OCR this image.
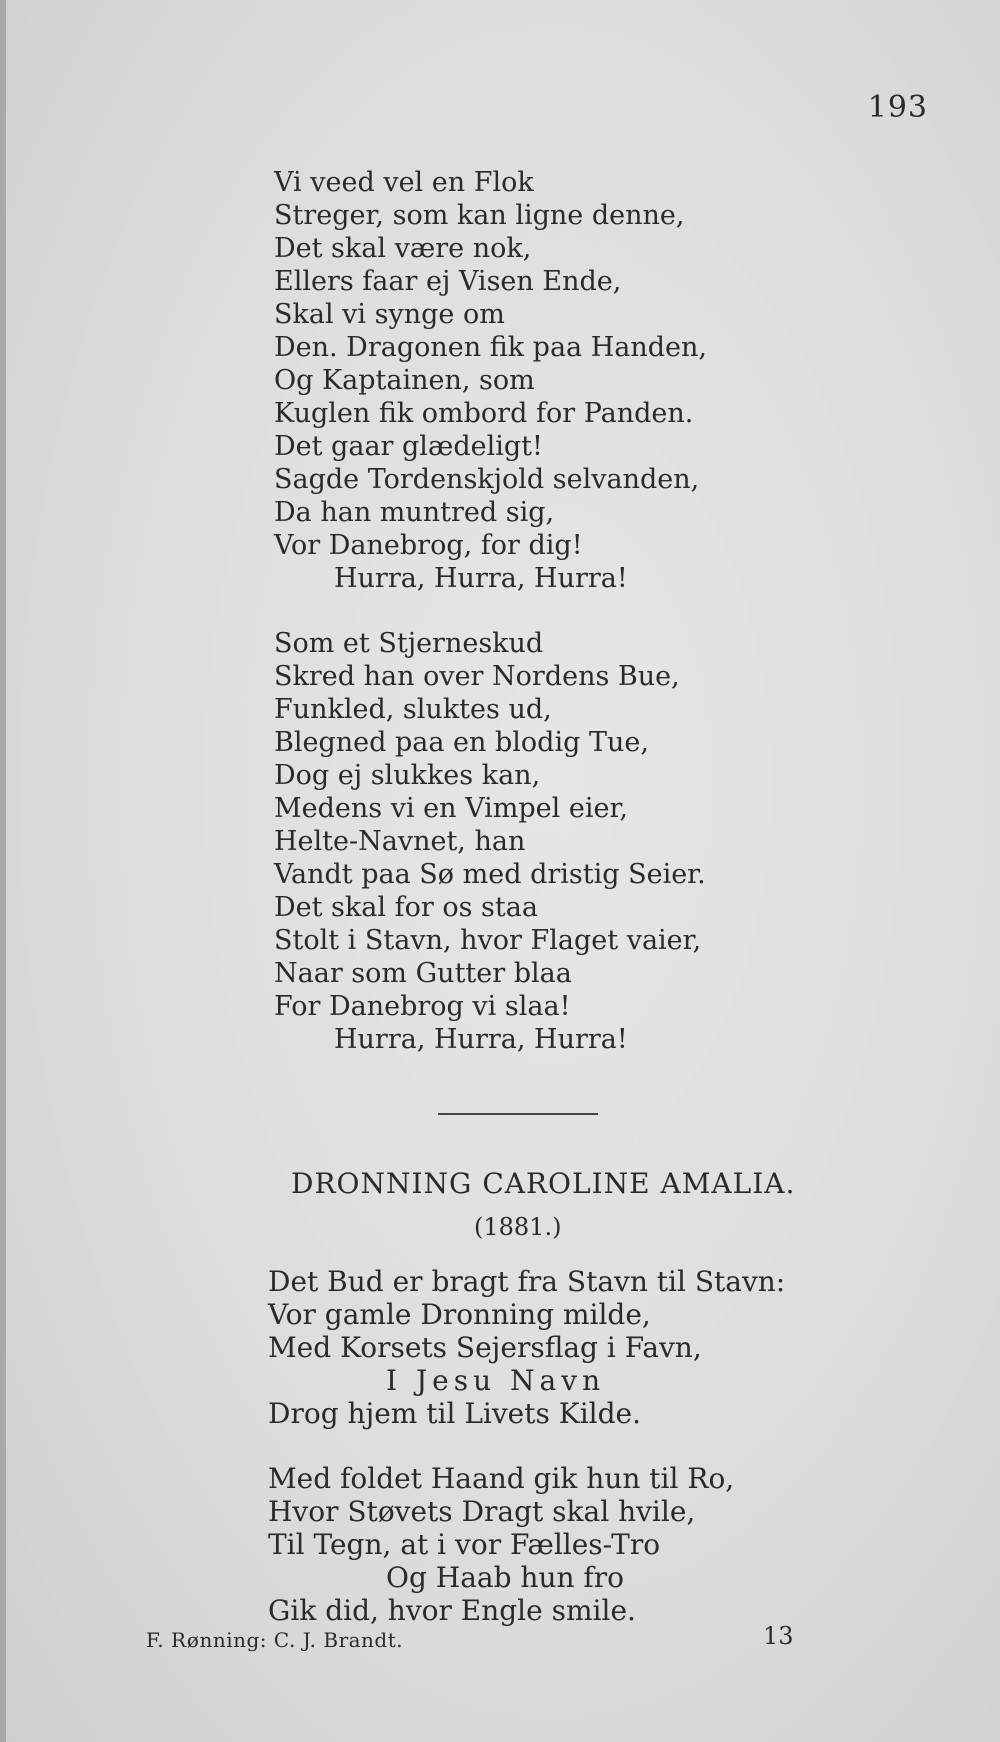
193
Vi veed vel en Flok
Streger, som kan ligne denne,
Det skal være nok,
Ellers faar ej Visen Ende,
Skal vi synge om
Den. Dragonen fik paa Handen,
Og Kaptainen, som
Kuglen fik ombord for Panden.
Det gaar glædeligt!
Sagde Tordenskjold selvanden,
Da han muntred sig,
Vor Danebrog, for dig!
Hurra, Hurra, Hurra!
Som et Stjerneskud
Skred han over Nordens Bue,
Funkled, sluktes ud,
Blegned paa en blodig Tue,
Dog ej slukkes kan,
Medens vi en Vimpel eier,
Helte-Navnet, han
Vandt paa Sø med dristig Seier.
Det skal for os staa
Stolt i Stavn, hvor Flaget vaier,
Naar som Gutter blaa
For Danebrog vi slaa!
Hurra, Hurra, Hurra!
DRONNING CAROLINE AMALIA.
(1881.)
Det Bud er bragt fra Stavn til Stavn:
Vor gamle Dronning milde,
Med Korsets Sejersflag i Favn,
I Jesu Navn
Drog hjem til Livets Kilde.
Med foldet Haand gik hun til Ro,
Hvor Støvets Dragt skal hvile,
Til Tegn, at i vor Fælles-Tro
Og Haab hun fro
Gik did, hvor Engle smile.
F. Rønning: C. J. Brandt.	13
